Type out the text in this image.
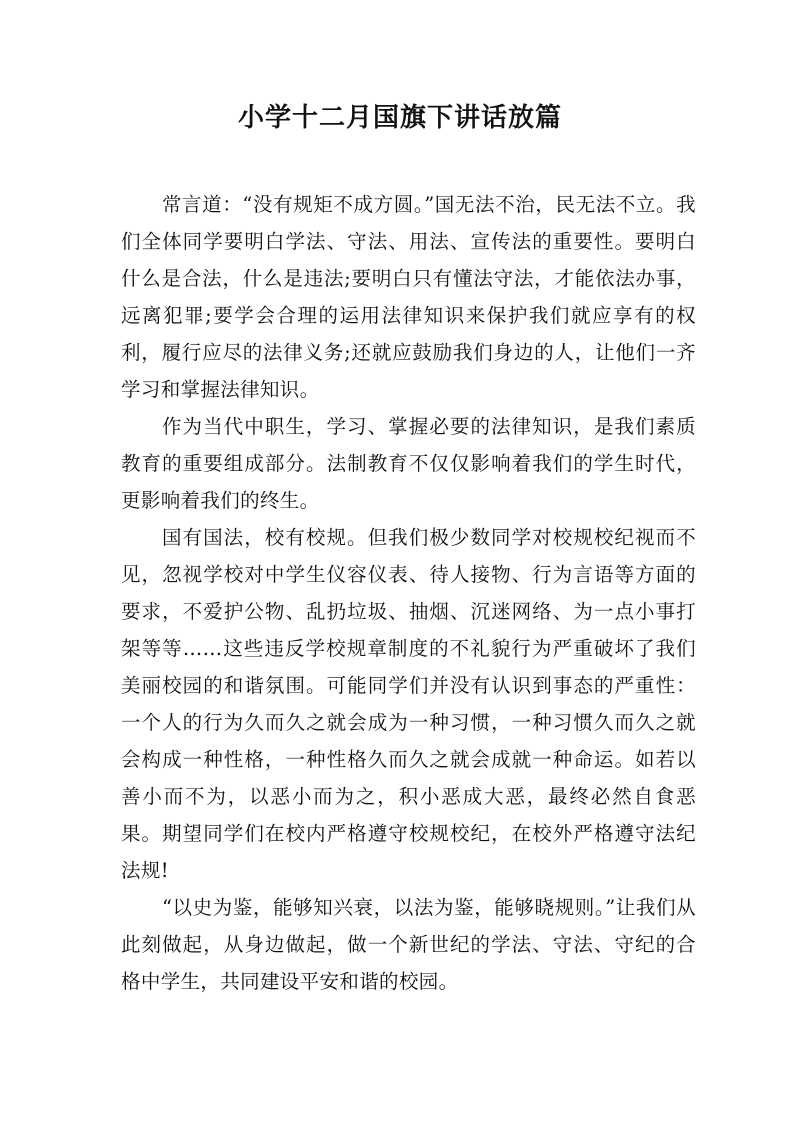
小学十二月国旗下讲话放篇

常言道：“没有规矩不成方圆。”国无法不治，民无法不立。我们全体同学要明白学法、守法、用法、宣传法的重要性。要明白什么是合法，什么是违法;要明白只有懂法守法，才能依法办事，远离犯罪;要学会合理的运用法律知识来保护我们就应享有的权利，履行应尽的法律义务;还就应鼓励我们身边的人，让他们一齐学习和掌握法律知识。

作为当代中职生，学习、掌握必要的法律知识，是我们素质教育的重要组成部分。法制教育不仅仅影响着我们的学生时代，更影响着我们的终生。

国有国法，校有校规。但我们极少数同学对校规校纪视而不见，忽视学校对中学生仪容仪表、待人接物、行为言语等方面的要求，不爱护公物、乱扔垃圾、抽烟、沉迷网络、为一点小事打架等等……这些违反学校规章制度的不礼貌行为严重破坏了我们美丽校园的和谐氛围。可能同学们并没有认识到事态的严重性：一个人的行为久而久之就会成为一种习惯，一种习惯久而久之就会构成一种性格，一种性格久而久之就会成就一种命运。如若以善小而不为，以恶小而为之，积小恶成大恶，最终必然自食恶果。期望同学们在校内严格遵守校规校纪，在校外严格遵守法纪法规!

“以史为鉴，能够知兴衰，以法为鉴，能够晓规则。”让我们从此刻做起，从身边做起，做一个新世纪的学法、守法、守纪的合格中学生，共同建设平安和谐的校园。
